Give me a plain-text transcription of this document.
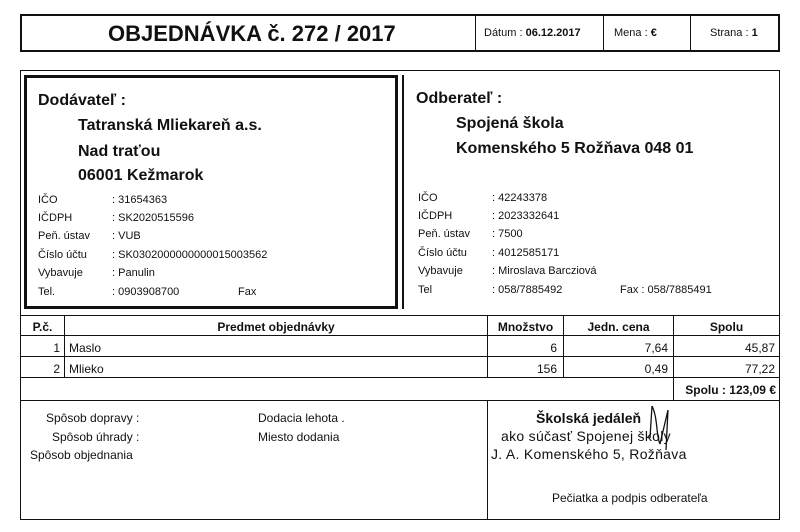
OBJEDNÁVKA č. 272 / 2017	Dátum : 06.12.2017	Mena : €	Strana : 1
Dodávateľ :
Tatranská Mliekareň a.s.
Nad traťou
06001 Kežmarok
IČO	: 31654363
IČDPH	: SK2020515596
Peň. ústav : VUB
Číslo účtu : SK0302000000000015003562
Vybavuje	: Panulin
Tel.	: 0903908700	Fax
Odberateľ :
Spojená škola
Komenského 5 Rožňava 048 01
IČO	: 42243378
IČDPH	: 2023332641
Peň. ústav : 7500
Číslo účtu : 4012585171
Vybavuje	: Miroslava Barcziová
Tel	: 058/7885492	Fax : 058/7885491
P.č.	Predmet objednávky	Množstvo	Jedn. cena	Spolu
1 Maslo	6	7,64	45,87
2 Mlieko	156	0,49	77,22
Spolu : 123,09 €
Spôsob dopravy :
Spôsob úhrady :
Spôsob objednania
Dodacia lehota .
Miesto dodania
Školská jedáleň
ako súčasť Spojenej školy
J. A. Komenského 5, Rožňava
Pečiatka a podpis odberateľa
